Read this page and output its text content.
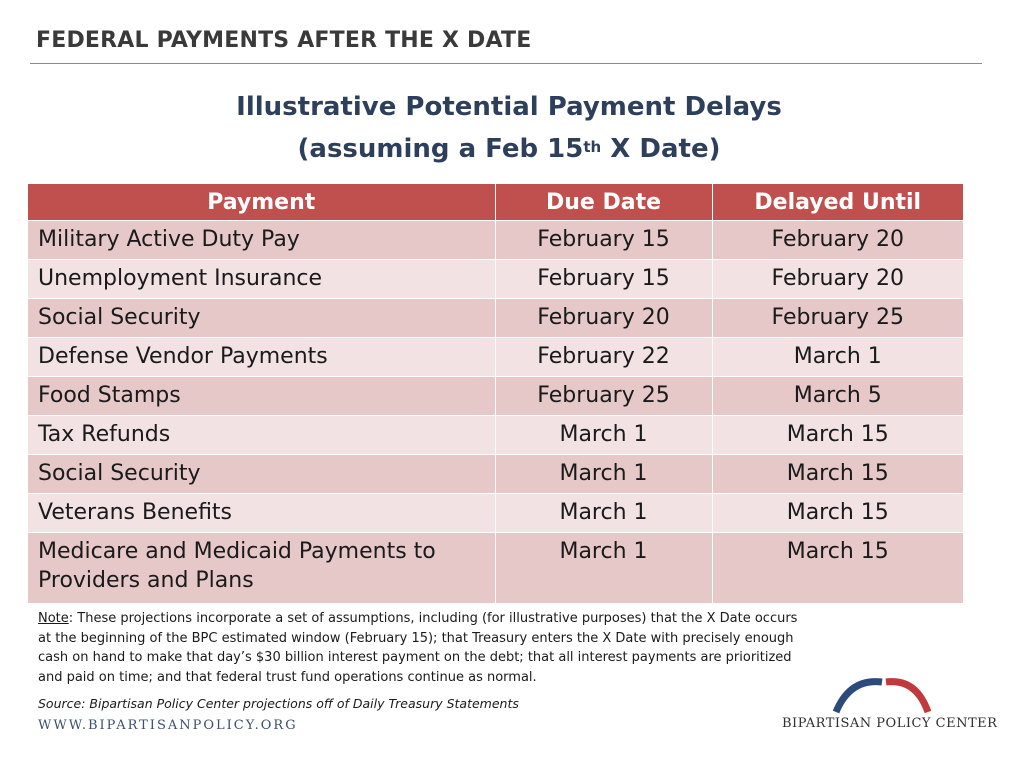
FEDERAL PAYMENTS AFTER THE X DATE
Illustrative Potential Payment Delays
(assuming a Feb 15th X Date)
Payment	Due Date	Delayed Until
Military Active Duty Pay	February 15	February 20
Unemployment Insurance	February 15	February 20
Social Security	February 20	February 25
Defense Vendor Payments	February 22	March 1
Food Stamps	February 25	March 5
Tax Refunds	March 1	March 15
Social Security	March 1	March 15
Veterans Benefits	March 1	March 15
Medicare and Medicaid Payments to Providers and Plans	March 1	March 15
Note: These projections incorporate a set of assumptions, including (for illustrative purposes) that the X Date occurs at the beginning of the BPC estimated window (February 15); that Treasury enters the X Date with precisely enough cash on hand to make that day’s $30 billion interest payment on the debt; that all interest payments are prioritized and paid on time; and that federal trust fund operations continue as normal.
Source: Bipartisan Policy Center projections off of Daily Treasury Statements
WWW.BIPARTISANPOLICY.ORG	BIPARTISAN POLICY CENTER
